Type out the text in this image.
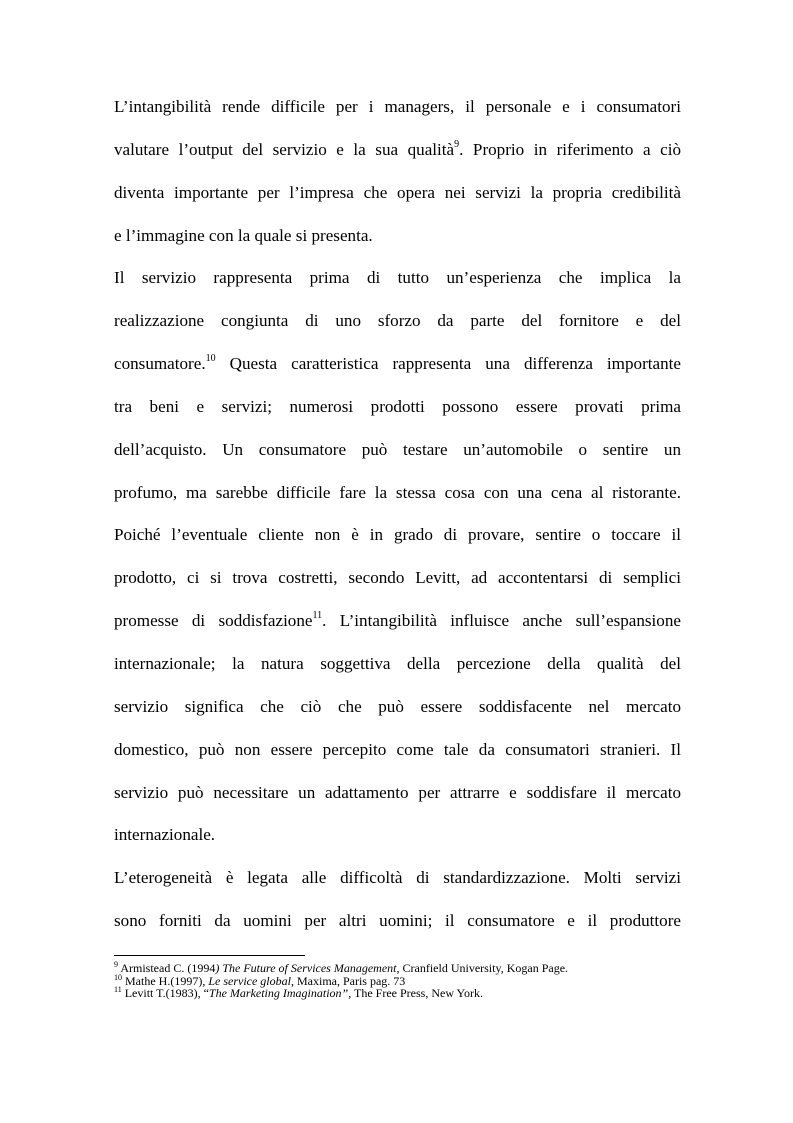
L’intangibilità rende difficile per i managers, il personale e i consumatori
valutare l’output del servizio e la sua qualità$^9$. Proprio in riferimento a ciò
diventa importante per l’impresa che opera nei servizi la propria credibilità
e l’immagine con la quale si presenta.
Il servizio rappresenta prima di tutto un’esperienza che implica la
realizzazione congiunta di uno sforzo da parte del fornitore e del
consumatore.$^{10}$ Questa caratteristica rappresenta una differenza importante
tra beni e servizi; numerosi prodotti possono essere provati prima
dell’acquisto. Un consumatore può testare un’automobile o sentire un
profumo, ma sarebbe difficile fare la stessa cosa con una cena al ristorante.
Poiché l’eventuale cliente non è in grado di provare, sentire o toccare il
prodotto, ci si trova costretti, secondo Levitt, ad accontentarsi di semplici
promesse di soddisfazione$^{11}$. L’intangibilità influisce anche sull’espansione
internazionale; la natura soggettiva della percezione della qualità del
servizio significa che ciò che può essere soddisfacente nel mercato
domestico, può non essere percepito come tale da consumatori stranieri. Il
servizio può necessitare un adattamento per attrarre e soddisfare il mercato
internazionale.
L’eterogeneità è legata alle difficoltà di standardizzazione. Molti servizi
sono forniti da uomini per altri uomini; il consumatore e il produttore
$^9$ Armistead C. (1994) The Future of Services Management, Cranfield University, Kogan Page.
$^{10}$ Mathe H.(1997), Le service global, Maxima, Paris pag. 73
$^{11}$ Levitt T.(1983), “The Marketing Imagination”, The Free Press, New York.
